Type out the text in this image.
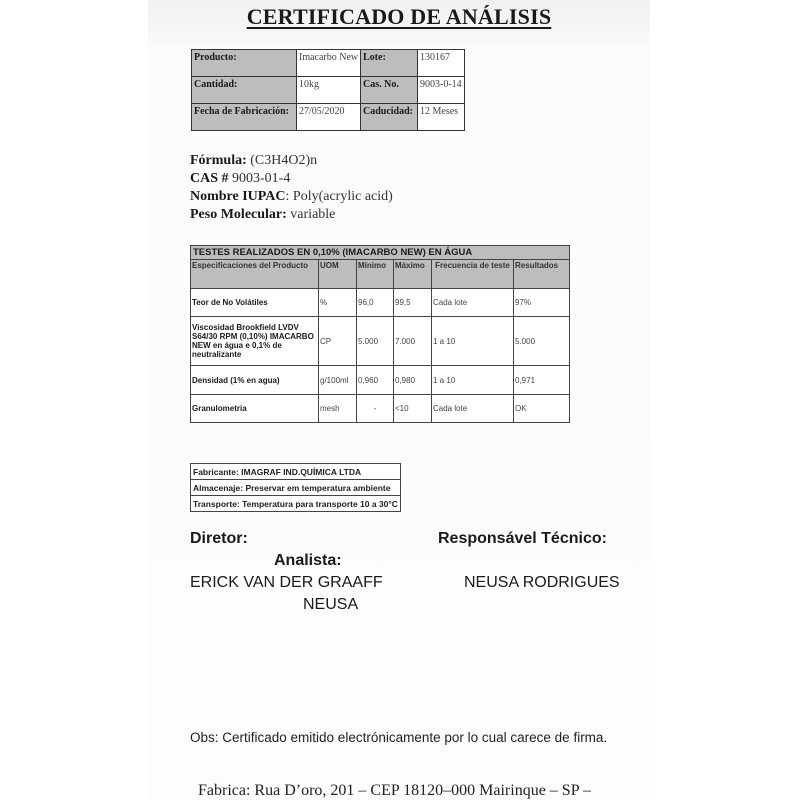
CERTIFICADO DE ANÁLISIS
Producto:	Imacarbo New	Lote:	130167
Cantidad:	10kg	Cas. No.	9003-0-14
Fecha de Fabricación:	27/05/2020	Caducidad:	12 Meses
Fórmula: (C3H4O2)n
CAS # 9003-01-4
Nombre IUPAC: Poly(acrylic acid)
Peso Molecular: variable
TESTES REALIZADOS EN 0,10% (IMACARBO NEW) EN ÁGUA					
Especificaciones del Producto	UOM	Mínimo	Máximo	Frecuencia de teste	Resultados
Teor de No Volátiles	%	96,0	99,5	Cada lote	97%
Viscosidad Brookfield LVDV S64/30 RPM (0,10%) IMACARBO NEW en água e 0,1% de neutralizante	CP	5.000	7.000	1 a 10	5.000
Densidad (1% en agua)	g/100ml	0,960	0,980	1 a 10	0,971
Granulometria	mesh	-	<10	Cada lote	OK
Fabricante: IMAGRAF IND.QUÍMICA LTDA
Almacenaje: Preservar em temperatura ambiente
Transporte: Temperatura para transporte 10 a 30°C
Diretor:
Analista:
ERICK VAN DER GRAAFF
NEUSA
Responsável Técnico:
NEUSA RODRIGUES
Obs: Certificado emitido electrónicamente por lo cual carece de firma.
Fabrica: Rua D’oro, 201 – CEP 18120–000 Mairinque – SP –
